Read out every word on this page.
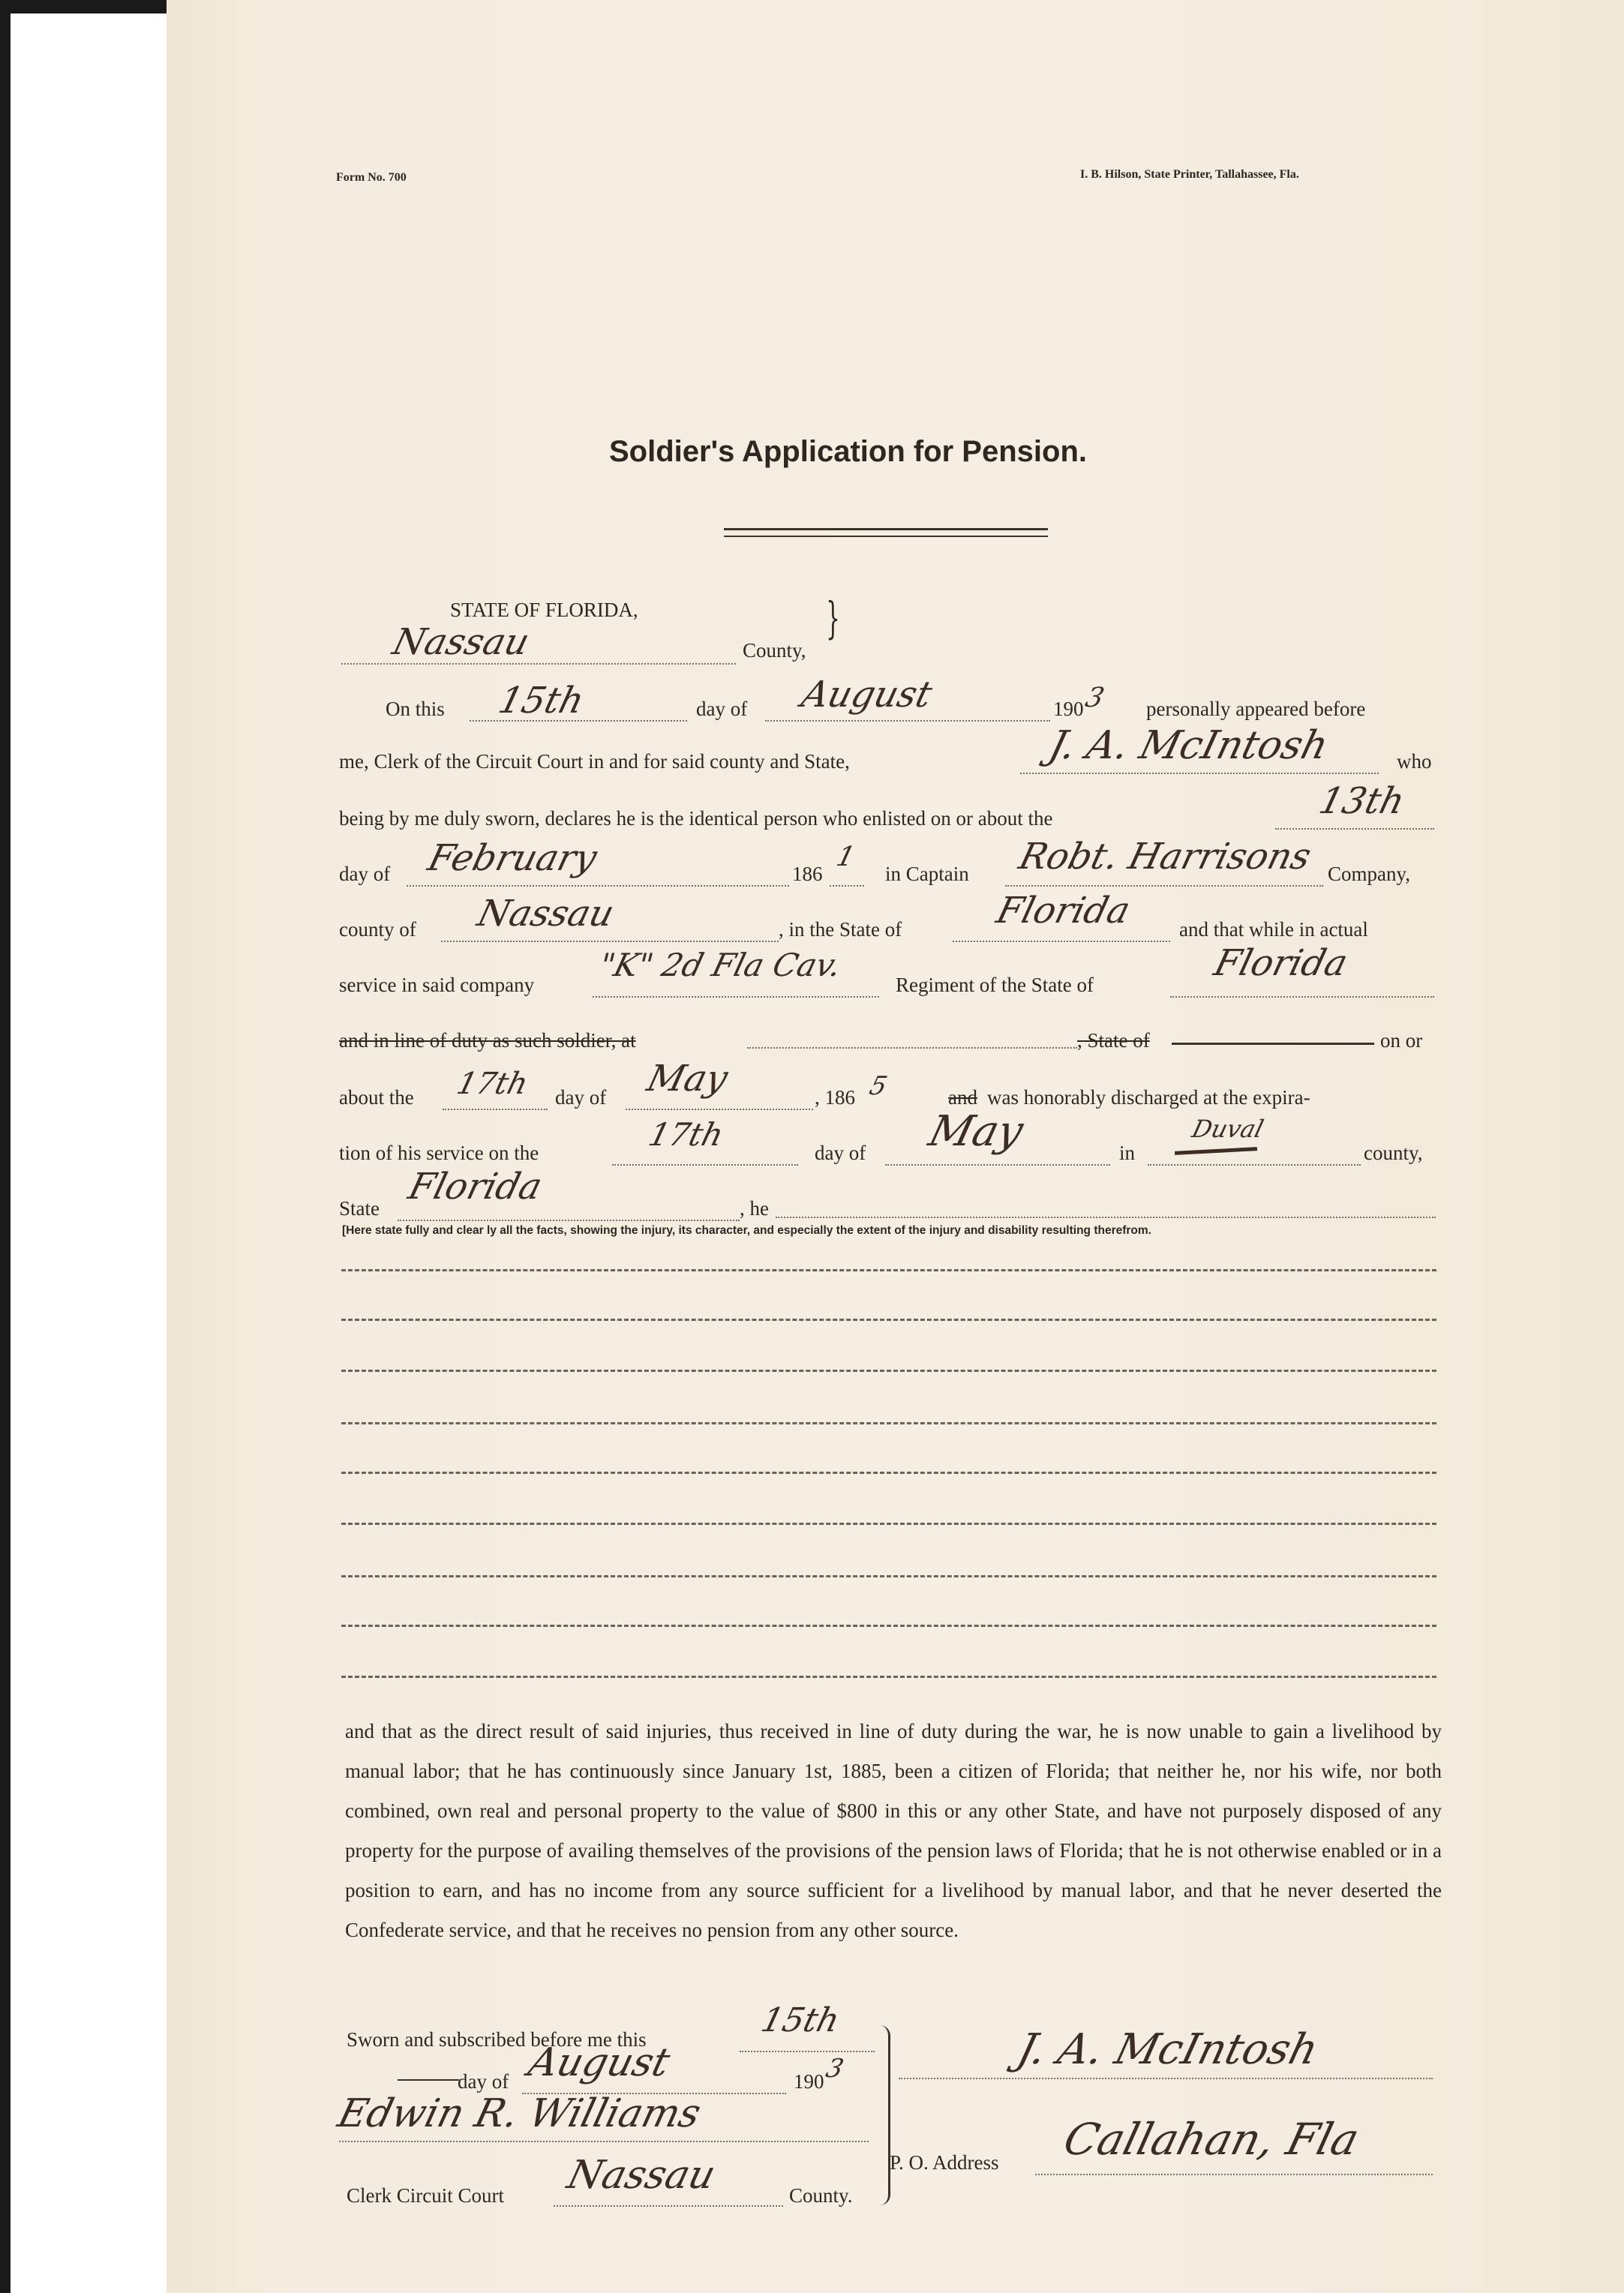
Form No. 700	I. B. Hilson, State Printer, Tallahassee, Fla.
Soldier's Application for Pension.
STATE OF FLORIDA,
Nassau	County,
}
On this 15th	day of August	190
3 personally appeared before
me, Clerk of the Circuit Court in and for said county and State,	J. A. McIntosh	who
being by me duly sworn, declares he is the identical person who enlisted on or about the	13th
day of February	186
1
in Captain Robt. Harrisons Company,
county of Nassau	, in the State of	Florida and that while in actual
service in said company
"K" 2d Fla Cav.
Regiment of the State of
Florida
and in line of duty as such soldier, at	, State of	on or
about the 17th day of May	, 186 5	and was honorably discharged at the expira-
tion of his service on the	17th	day of May	in
Duval
county,
State
Florida
, he
[Here state fully and clear ly all the facts, showing the injury, its character, and especially the extent of the injury and disability resulting therefrom.
and that as the direct result of said injuries, thus received in line of duty during the war, he is now unable to gain a livelihood by manual labor; that he has continuously since January 1st, 1885, been a citizen of Florida; that neither he, nor his wife, nor both combined, own real and personal property to the value of $800 in this or any other State, and have not purposely disposed of any property for the purpose of availing themselves of the provisions of the pension laws of Florida; that he is not otherwise enabled or in a position to earn, and has no income from any source sufficient for a livelihood by manual labor, and that he never deserted the Confederate service, and that he receives no pension from any other source.
Sworn and subscribed before me this	15th
day of August	190
3
Edwin R. Williams
Clerk Circuit Court Nassau	County.
J. A. McIntosh
P. O. Address Callahan, Fla
